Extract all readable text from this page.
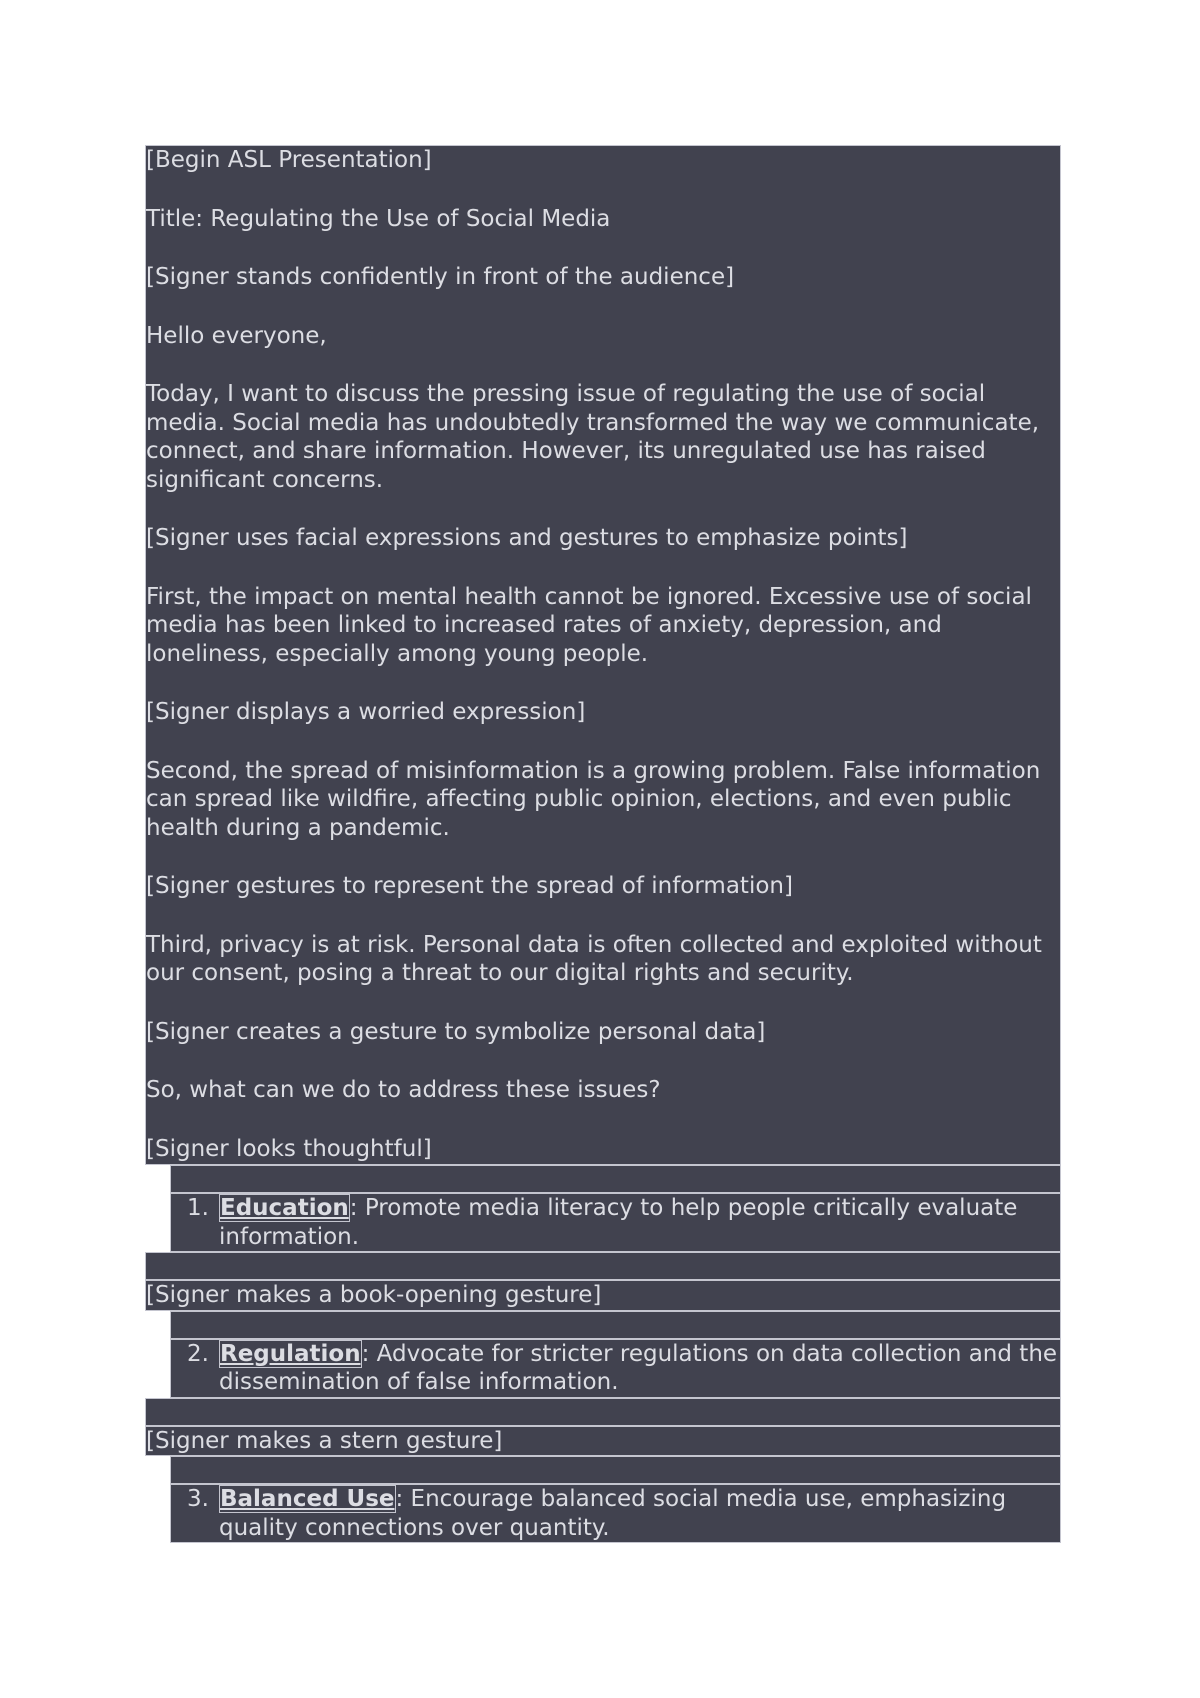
[Begin ASL Presentation]

Title: Regulating the Use of Social Media

[Signer stands confidently in front of the audience]

Hello everyone,

Today, I want to discuss the pressing issue of regulating the use of social media. Social media has undoubtedly transformed the way we communicate, connect, and share information. However, its unregulated use has raised significant concerns.

[Signer uses facial expressions and gestures to emphasize points]

First, the impact on mental health cannot be ignored. Excessive use of social media has been linked to increased rates of anxiety, depression, and loneliness, especially among young people.

[Signer displays a worried expression]

Second, the spread of misinformation is a growing problem. False information can spread like wildfire, affecting public opinion, elections, and even public health during a pandemic.

[Signer gestures to represent the spread of information]

Third, privacy is at risk. Personal data is often collected and exploited without our consent, posing a threat to our digital rights and security.

[Signer creates a gesture to symbolize personal data]

So, what can we do to address these issues?

[Signer looks thoughtful]

1. Education: Promote media literacy to help people critically evaluate information.
[Signer makes a book-opening gesture]
2. Regulation: Advocate for stricter regulations on data collection and the dissemination of false information.
[Signer makes a stern gesture]
3. Balanced Use: Encourage balanced social media use, emphasizing quality connections over quantity.
